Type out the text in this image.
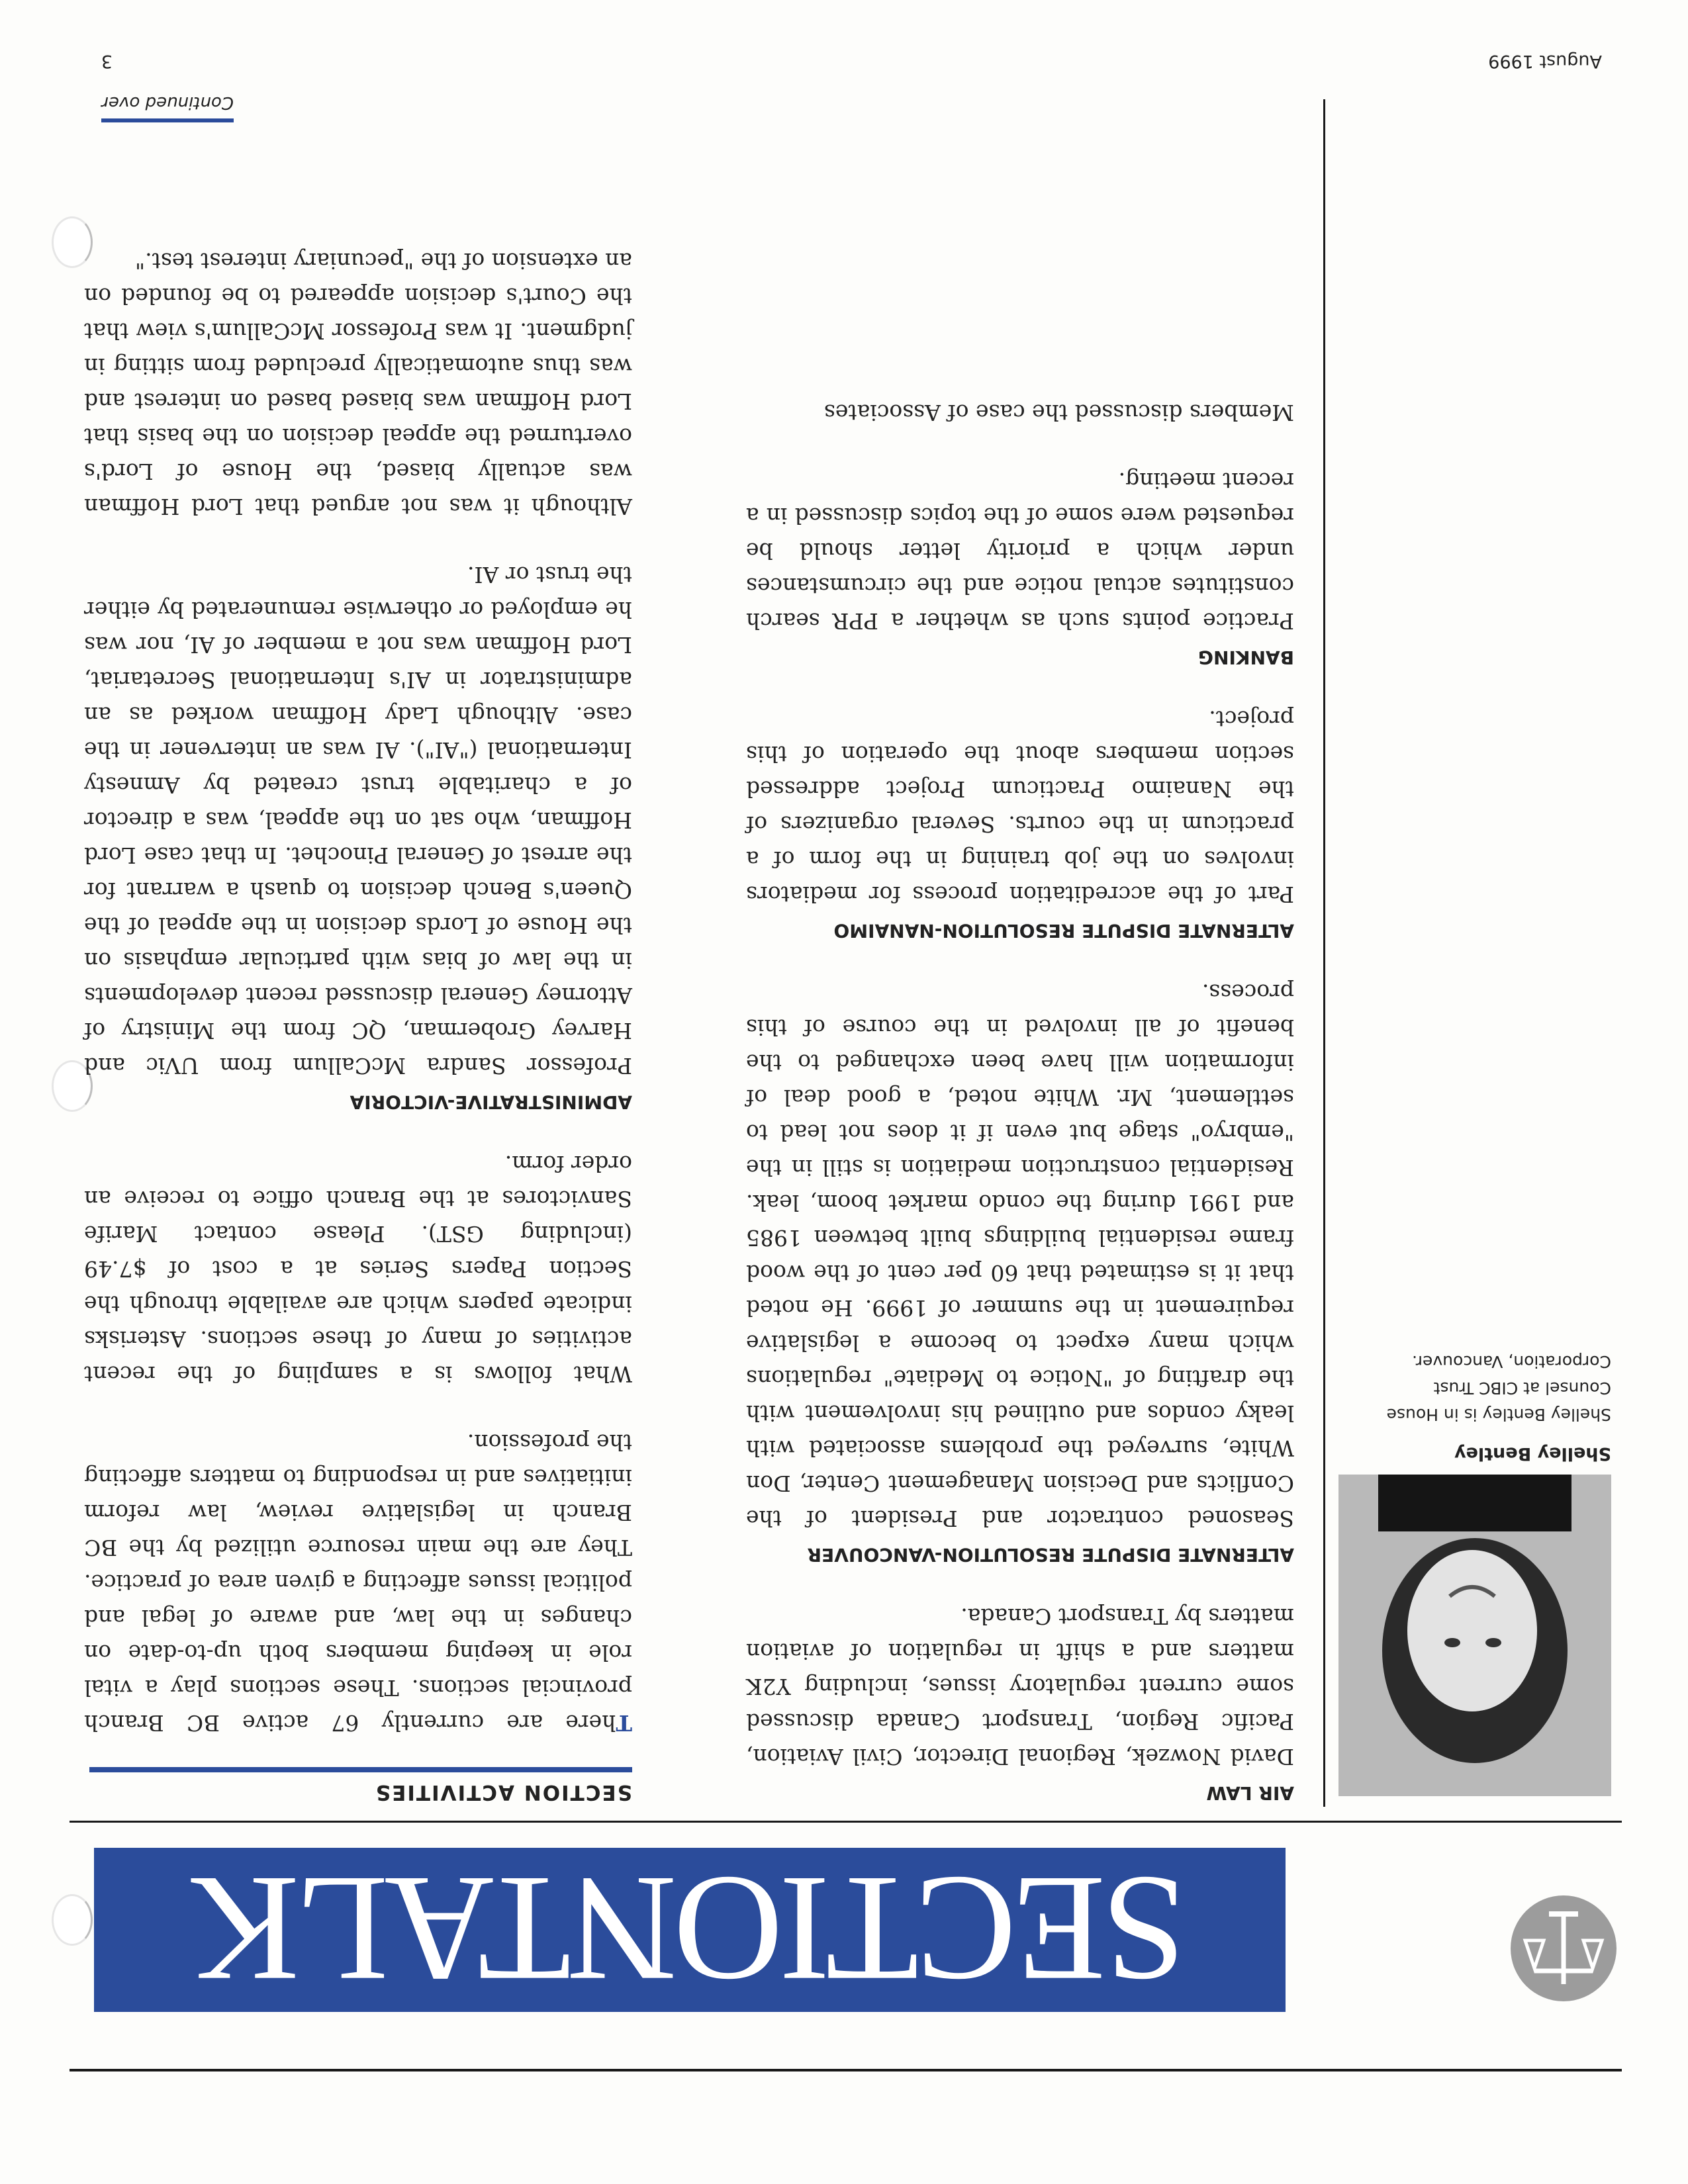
SECTIONTALK
SECTION ACTIVITIES

There are currently 67 active BC Branch provincial sections. These sections play a vital role in keeping members both up-to-date on changes in the law, and aware of legal and political issues affecting a given area of practice. They are the main resource utilized by the BC Branch in legislative review, law reform initiatives and in responding to matters affecting the profession.

What follows is a sampling of the recent activities of many of these sections. Asterisks indicate papers which are available through the Section Papers Series at a cost of $7.49 (including GST). Please contact Marife Sanvictores at the Branch office to receive an order form.

ADMINISTRATIVE-VICTORIA

Professor Sandra McCallum from UVic and Harvey Groberman, QC from the Ministry of Attorney General discussed recent developments in the law of bias with particular emphasis on the House of Lords decision in the appeal of the Queen's Bench decision to quash a warrant for the arrest of General Pinochet. In that case Lord Hoffman, who sat on the appeal, was a director of a charitable trust created by Amnesty International ("AI"). AI was an intervener in the case. Although Lady Hoffman worked as an administrator in AI's International Secretariat, Lord Hoffman was not a member of AI, nor was he employed or otherwise remunerated by either the trust or AI.

Although it was not argued that Lord Hoffman was actually biased, the House of Lord's overturned the appeal decision on the basis that Lord Hoffman was biased based on interest and was thus automatically precluded from sitting in judgment. It was Professor McCallum's view that the Court's decision appeared to be founded on an extension of the "pecuniary interest test."

AIR LAW

David Nowzek, Regional Director, Civil Aviation, Pacific Region, Transport Canada discussed some current regulatory issues, including Y2K matters and a shift in regulation of aviation matters by Transport Canada.

ALTERNATE DISPUTE RESOLUTION-VANCOUVER

Seasoned contractor and President of the Conflicts and Decision Management Center, Don White, surveyed the problems associated with leaky condos and outlined his involvement with the drafting of "Notice to Mediate" regulations which many expect to become a legislative requirement in the summer of 1999. He noted that it is estimated that 60 per cent of the wood frame residential buildings built between 1985 and 1991 during the condo market boom, leak. Residential construction mediation is still in the "embryo" stage but even if it does not lead to settlement, Mr. White noted, a good deal of information will have been exchanged to the benefit of all involved in the course of this process.

ALTERNATE DISPUTE RESOLUTION-NANAIMO

Part of the accreditation process for mediators involves on the job training in the form of a practicum in the courts. Several organizers of the Nanaimo Practicum Project addressed section members about the operation of this project.

BANKING

Practice points such as whether a PPR search constitutes actual notice and the circumstances under which a priority letter should be requested were some of the topics discussed in a recent meeting.

Members discussed the case of Associates

Shelley Bentley
Shelley Bentley is in House Counsel at CIBC Trust Corporation, Vancouver.
Continued over
August 1999
3
